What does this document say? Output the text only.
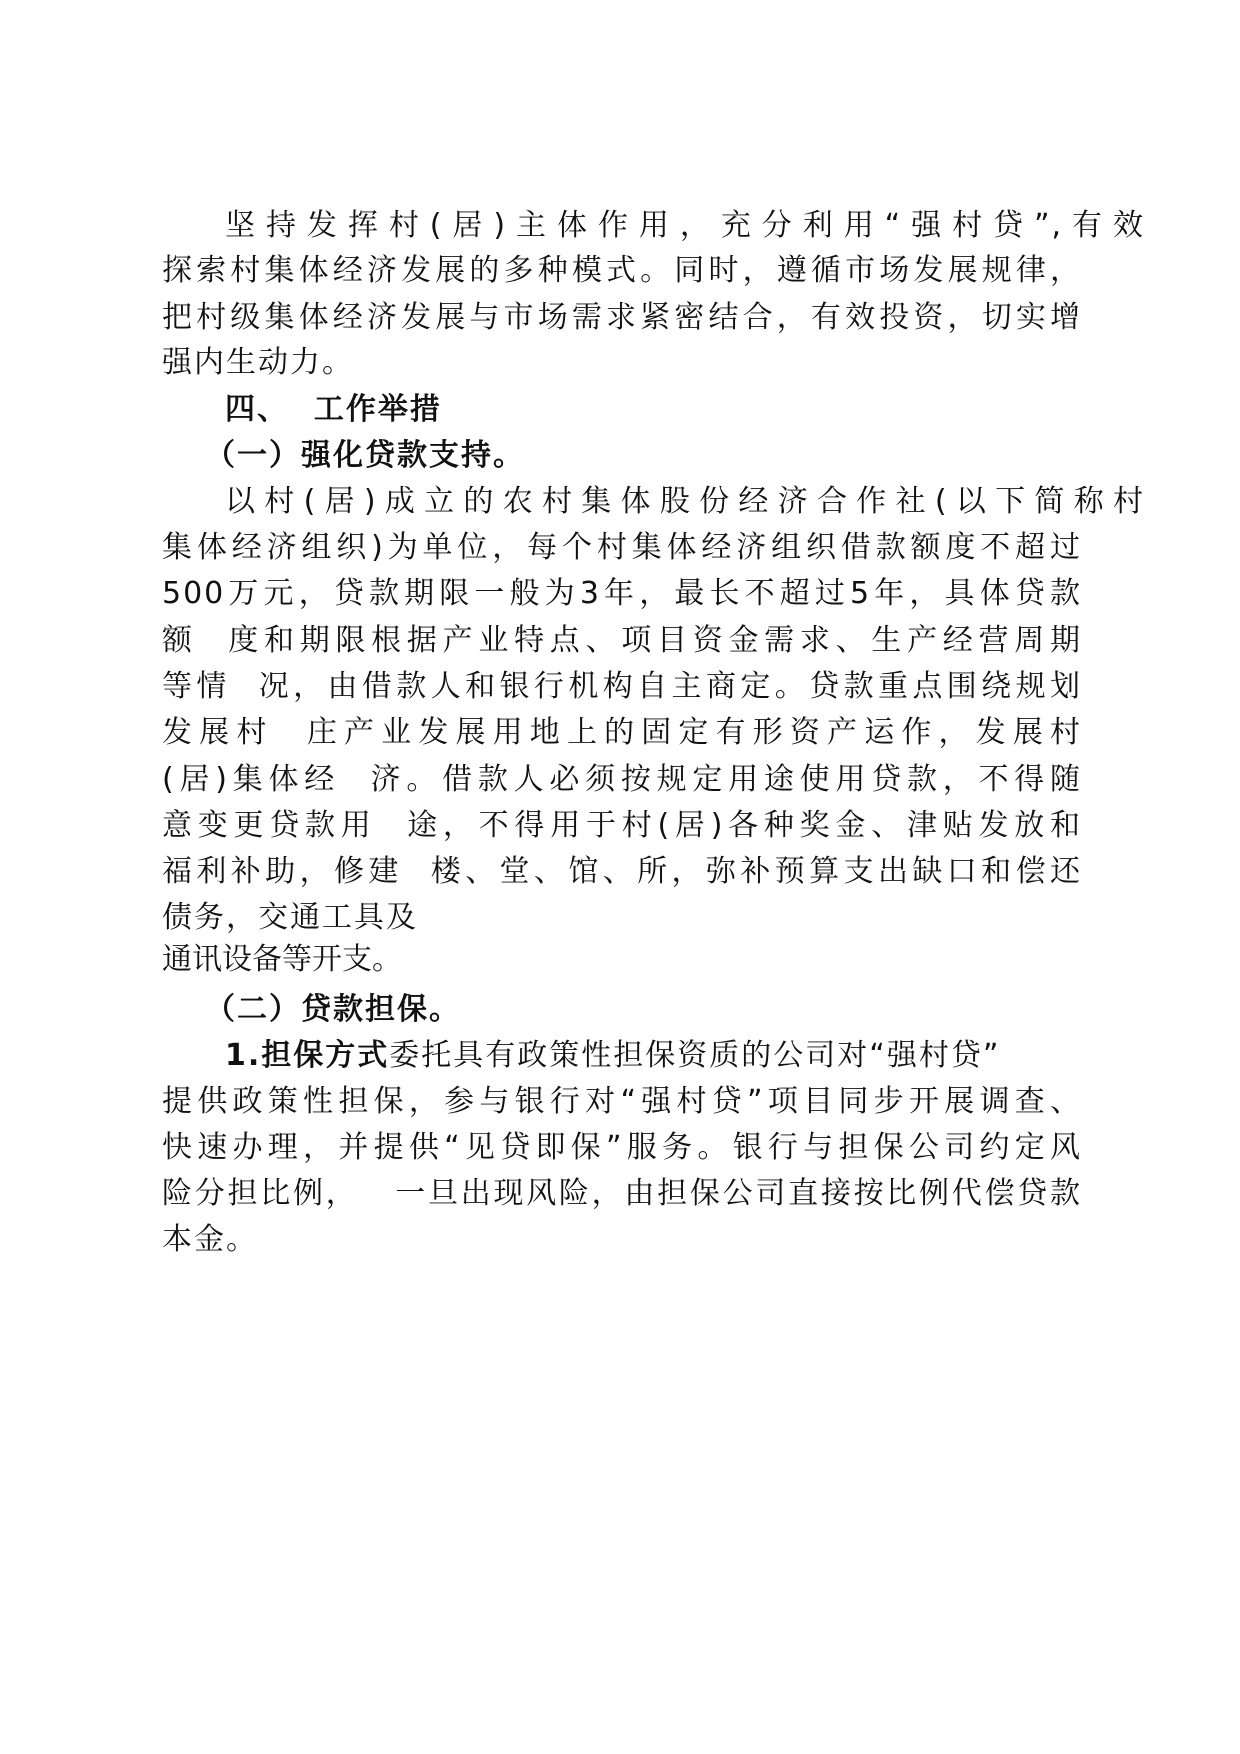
坚持发挥村(居)主体作用，充分利用“强村贷”,有效
探索村集体经济发展的多种模式。同时，遵循市场发展规律，
把村级集体经济发展与市场需求紧密结合，有效投资，切实增
强内生动力。
四、  工作举措
（一）强化贷款支持。
以村(居)成立的农村集体股份经济合作社(以下简称村
集体经济组织)为单位，每个村集体经济组织借款额度不超过
500万元，贷款期限一般为3年，最长不超过5年，具体贷款
额  度和期限根据产业特点、项目资金需求、生产经营周期
等情  况，由借款人和银行机构自主商定。贷款重点围绕规划
发展村  庄产业发展用地上的固定有形资产运作，发展村
(居)集体经  济。借款人必须按规定用途使用贷款，不得随
意变更贷款用  途，不得用于村(居)各种奖金、津贴发放和
福利补助，修建  楼、堂、馆、所，弥补预算支出缺口和偿还
债务，交通工具及
通讯设备等开支。
（二）贷款担保。
1.担保方式委托具有政策性担保资质的公司对“强村贷”
提供政策性担保，参与银行对“强村贷”项目同步开展调查、
快速办理，并提供“见贷即保”服务。银行与担保公司约定风
险分担比例，   一旦出现风险，由担保公司直接按比例代偿贷款
本金。
